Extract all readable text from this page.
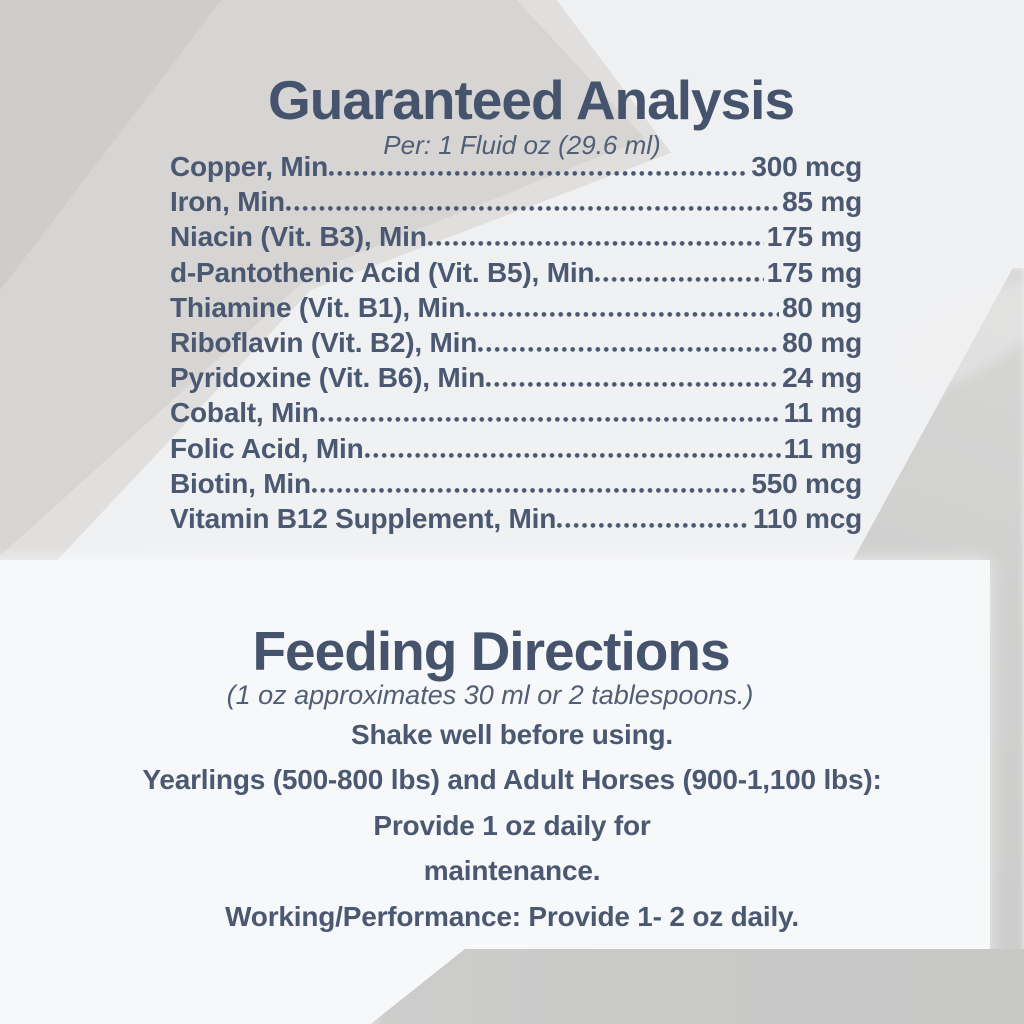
Guaranteed Analysis

Per: 1 Fluid oz (29.6 ml)

Copper, Min	300 mcg
Iron, Min	85 mg
Niacin (Vit. B3), Min	175 mg
d-Pantothenic Acid (Vit. B5), Min	175 mg
Thiamine (Vit. B1), Min	80 mg
Riboflavin (Vit. B2), Min	80 mg
Pyridoxine (Vit. B6), Min	24 mg
Cobalt, Min	11 mg
Folic Acid, Min	11 mg
Biotin, Min	550 mcg
Vitamin B12 Supplement, Min	110 mcg
Feeding Directions

(1 oz approximates 30 ml or 2 tablespoons.)

Shake well before using.
Yearlings (500-800 lbs) and Adult Horses (900-1,100 lbs):
Provide 1 oz daily for
maintenance.
Working/Performance: Provide 1- 2 oz daily.
